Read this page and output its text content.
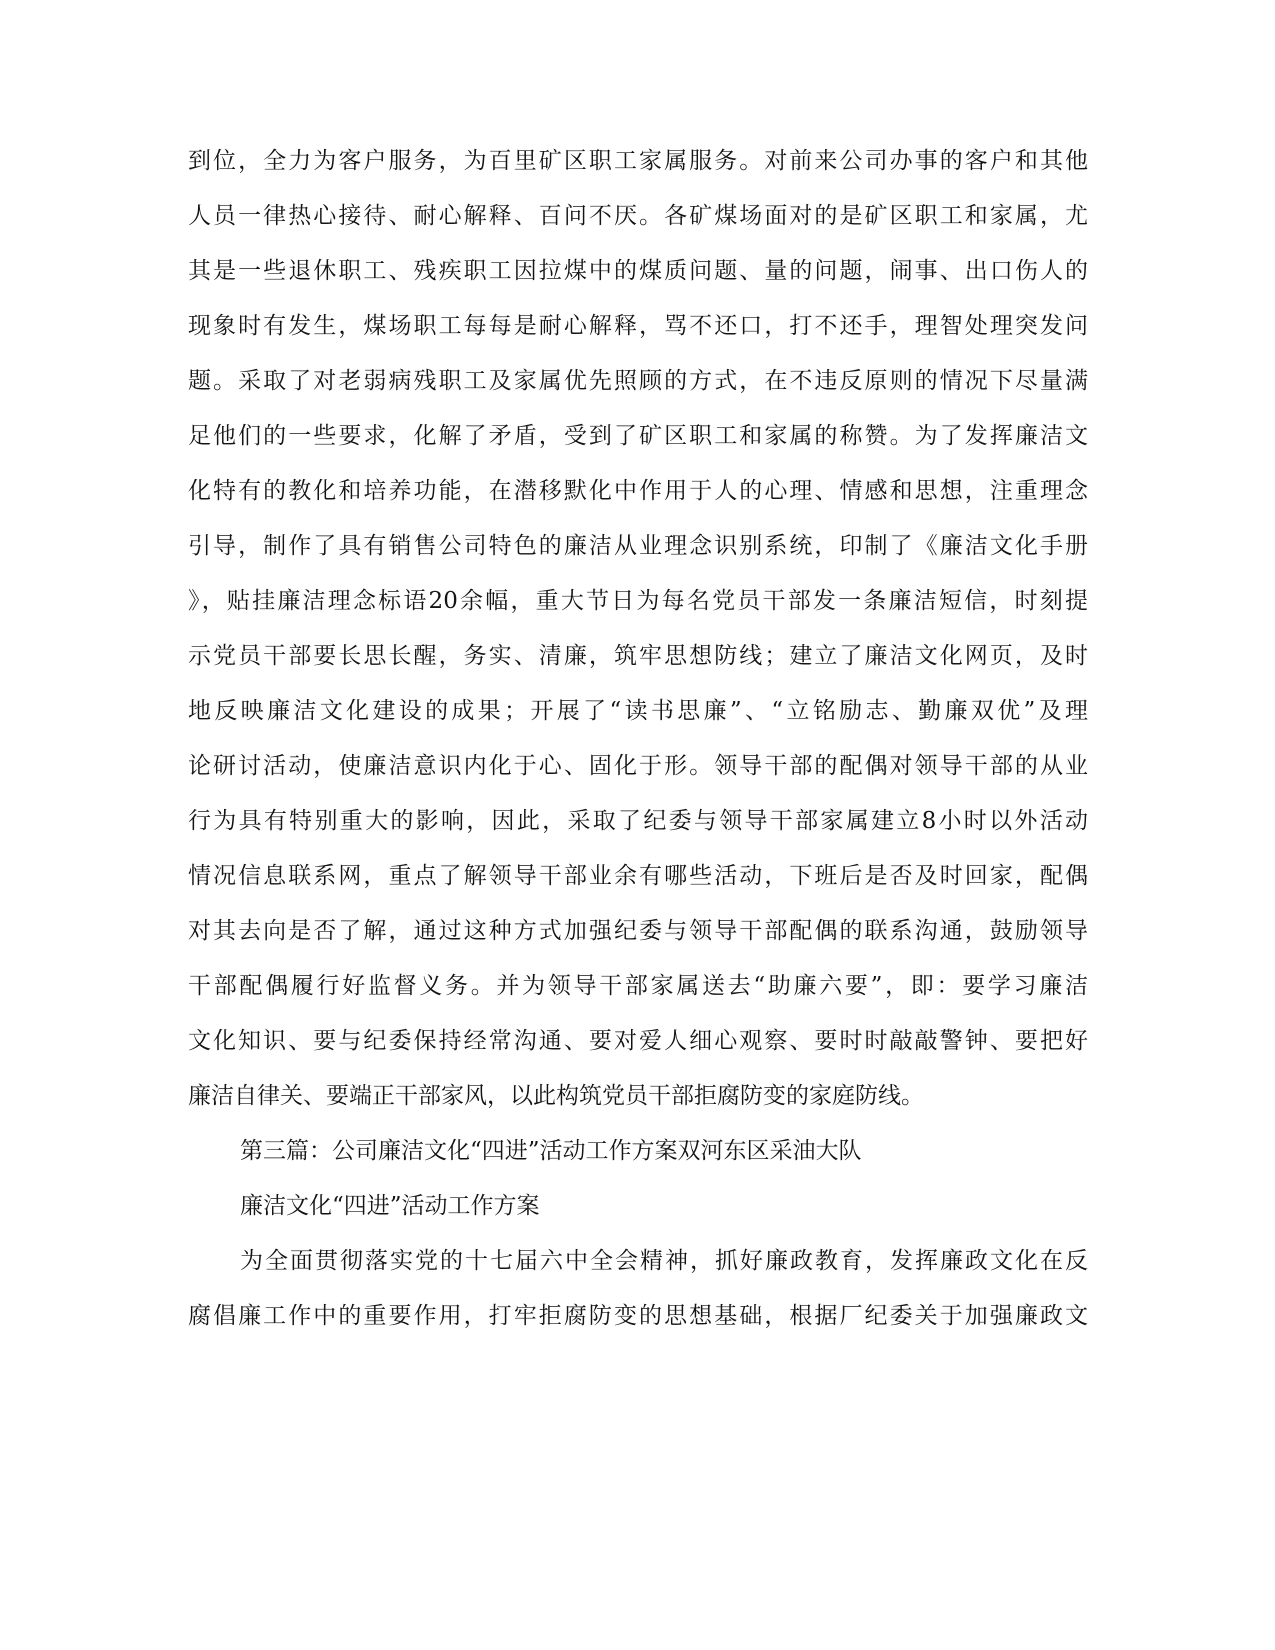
到位，全力为客户服务，为百里矿区职工家属服务。对前来公司办事的客户和其他
人员一律热心接待、耐心解释、百问不厌。各矿煤场面对的是矿区职工和家属，尤
其是一些退休职工、残疾职工因拉煤中的煤质问题、量的问题，闹事、出口伤人的
现象时有发生，煤场职工每每是耐心解释，骂不还口，打不还手，理智处理突发问
题。采取了对老弱病残职工及家属优先照顾的方式，在不违反原则的情况下尽量满
足他们的一些要求，化解了矛盾，受到了矿区职工和家属的称赞。为了发挥廉洁文
化特有的教化和培养功能，在潜移默化中作用于人的心理、情感和思想，注重理念
引导，制作了具有销售公司特色的廉洁从业理念识别系统，印制了《廉洁文化手册
》，贴挂廉洁理念标语20余幅，重大节日为每名党员干部发一条廉洁短信，时刻提
示党员干部要长思长醒，务实、清廉，筑牢思想防线；建立了廉洁文化网页，及时
地反映廉洁文化建设的成果；开展了“读书思廉”、“立铭励志、勤廉双优”及理
论研讨活动，使廉洁意识内化于心、固化于形。领导干部的配偶对领导干部的从业
行为具有特别重大的影响，因此，采取了纪委与领导干部家属建立8小时以外活动
情况信息联系网，重点了解领导干部业余有哪些活动，下班后是否及时回家，配偶
对其去向是否了解，通过这种方式加强纪委与领导干部配偶的联系沟通，鼓励领导
干部配偶履行好监督义务。并为领导干部家属送去“助廉六要”，即：要学习廉洁
文化知识、要与纪委保持经常沟通、要对爱人细心观察、要时时敲敲警钟、要把好
廉洁自律关、要端正干部家风，以此构筑党员干部拒腐防变的家庭防线。
第三篇：公司廉洁文化“四进”活动工作方案双河东区采油大队
廉洁文化“四进”活动工作方案
为全面贯彻落实党的十七届六中全会精神，抓好廉政教育，发挥廉政文化在反
腐倡廉工作中的重要作用，打牢拒腐防变的思想基础，根据厂纪委关于加强廉政文
